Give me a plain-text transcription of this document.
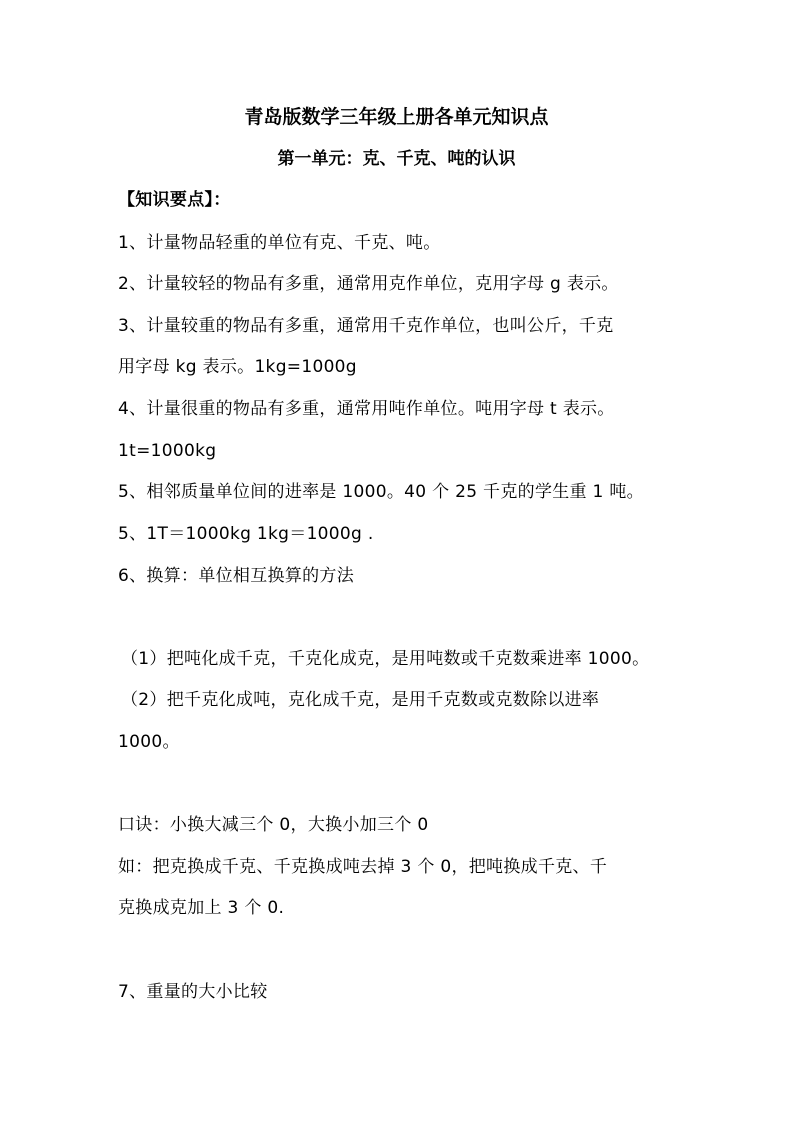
青岛版数学三年级上册各单元知识点
第一单元：克、千克、吨的认识
【知识要点】：
1、计量物品轻重的单位有克、千克、吨。
2、计量较轻的物品有多重，通常用克作单位，克用字母 g 表示。
3、计量较重的物品有多重，通常用千克作单位，也叫公斤，千克
用字母 kg 表示。1kg=1000g
4、计量很重的物品有多重，通常用吨作单位。吨用字母 t 表示。
1t=1000kg
5、相邻质量单位间的进率是 1000。40 个 25 千克的学生重 1 吨。
5、1T＝1000kg 1kg＝1000g .
6、换算：单位相互换算的方法
（1）把吨化成千克，千克化成克，是用吨数或千克数乘进率 1000。
（2）把千克化成吨，克化成千克，是用千克数或克数除以进率
1000。
口诀：小换大减三个 0，大换小加三个 0
如：把克换成千克、千克换成吨去掉 3 个 0，把吨换成千克、千
克换成克加上 3 个 0.
7、重量的大小比较
